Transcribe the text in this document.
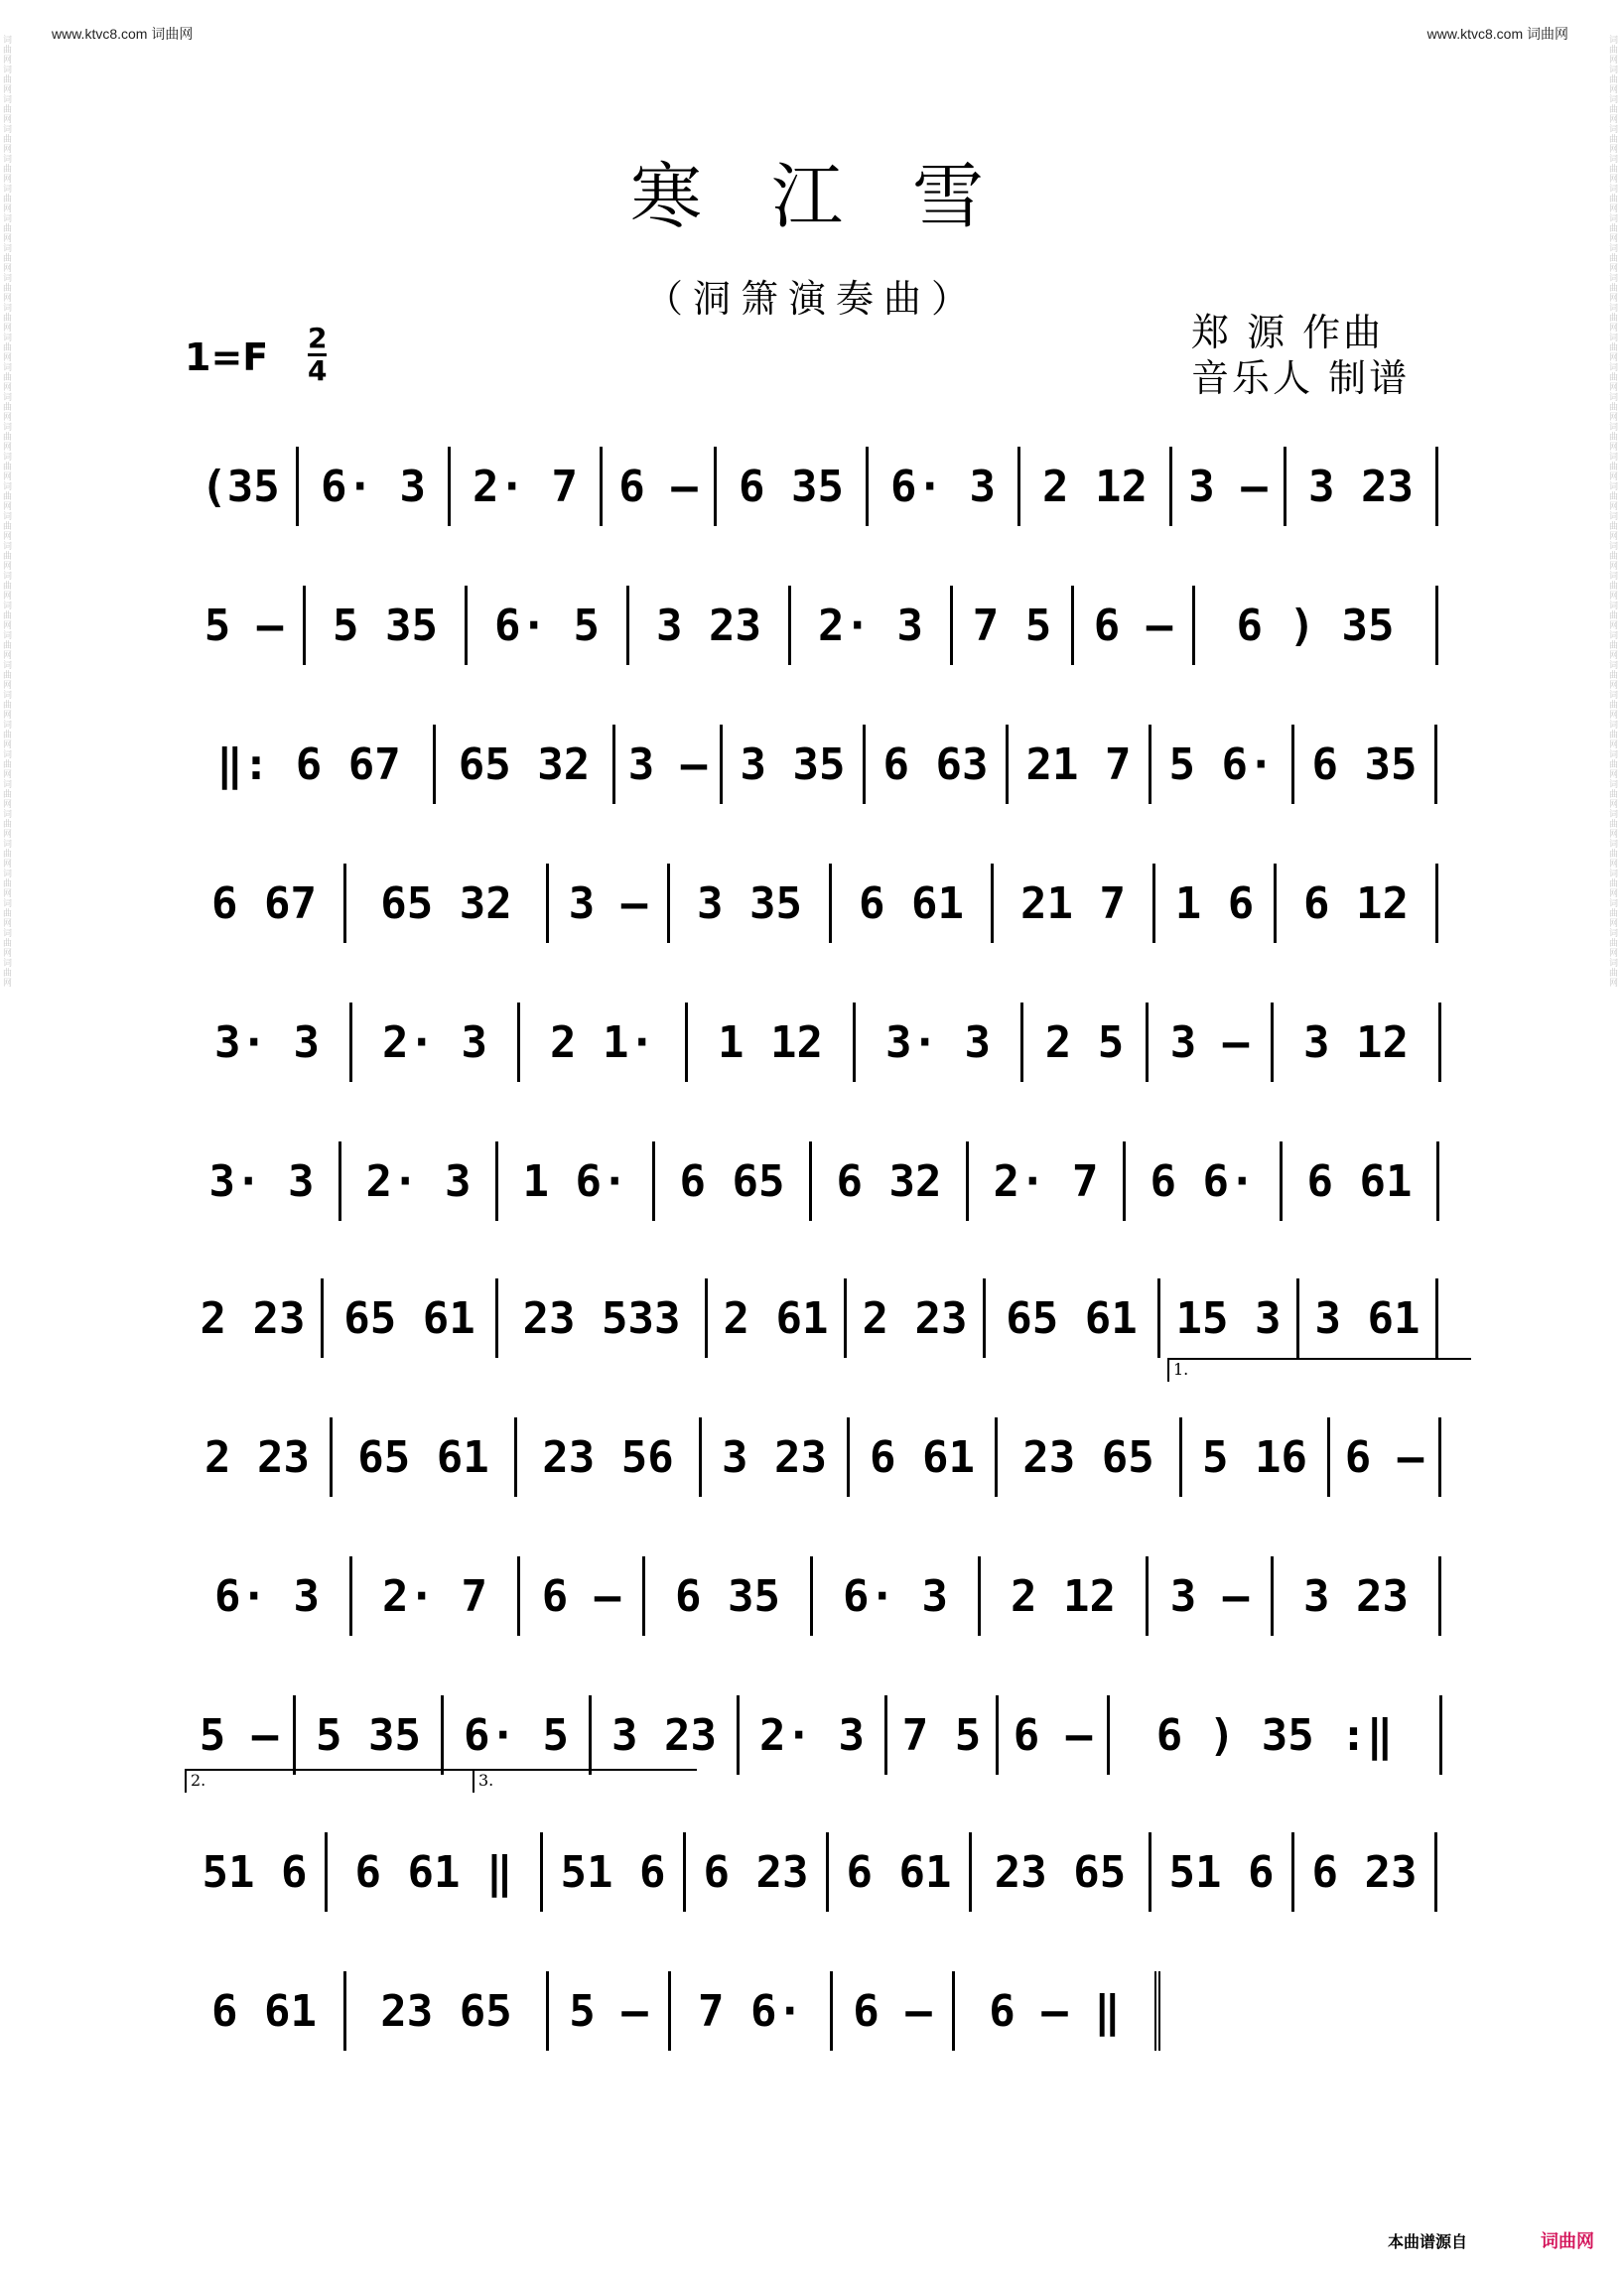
www.ktvc8.com 词曲网	www.ktvc8.com 词曲网
词曲网词曲网词曲网词曲网词曲网词曲网词曲网词曲网词曲网词曲网词曲网词曲网词曲网词曲网词曲网词曲网词曲网词曲网词曲网词曲网词曲网词曲网词曲网词曲网词曲网词曲网词曲网词曲网词曲网词曲网词曲网词曲网
词曲网词曲网词曲网词曲网词曲网词曲网词曲网词曲网词曲网词曲网词曲网词曲网词曲网词曲网词曲网词曲网词曲网词曲网词曲网词曲网词曲网词曲网词曲网词曲网词曲网词曲网词曲网词曲网词曲网词曲网词曲网词曲网
寒江雪
（洞箫演奏曲）
1=F 2
4
郑 源 作曲
音乐人 制谱
(35 6· 3	2· 7 6 – 6 35	6· 3	2 12 3 – 3 23
5 –	5 35	6· 5	3 23	2· 3	7 5 6 –	6 ) 35
‖: 6 67	65 32 3 – 3 35 6 63 21 7 5 6· 6 35
6 67	65 32	3 –	3 35	6 61	21 7	1 6	6 12
3· 3	2· 3	2 1·	1 12	3· 3	2 5	3 –	3 12
3· 3	2· 3	1 6·	6 65	6 32	2· 7	6 6·	6 61
2 23 65 61	23 533 2 61 2 23 65 61 15 3 3 61
2 23	65 61	23 56	3 23 6 61	23 65	5 16 6 –
6· 3	2· 7	6 –	6 35	6· 3	2 12	3 –	3 23
5 – 5 35 6· 5 3 23 2· 3 7 5 6 –	6 ) 35 :‖
51 6	6 61 ‖	51 6 6 23 6 61 23 65 51 6 6 23
6 61	23 65	5 –	7 6·	6 –	6 – ‖
本曲谱源自	词曲网
1.
2.	3.
